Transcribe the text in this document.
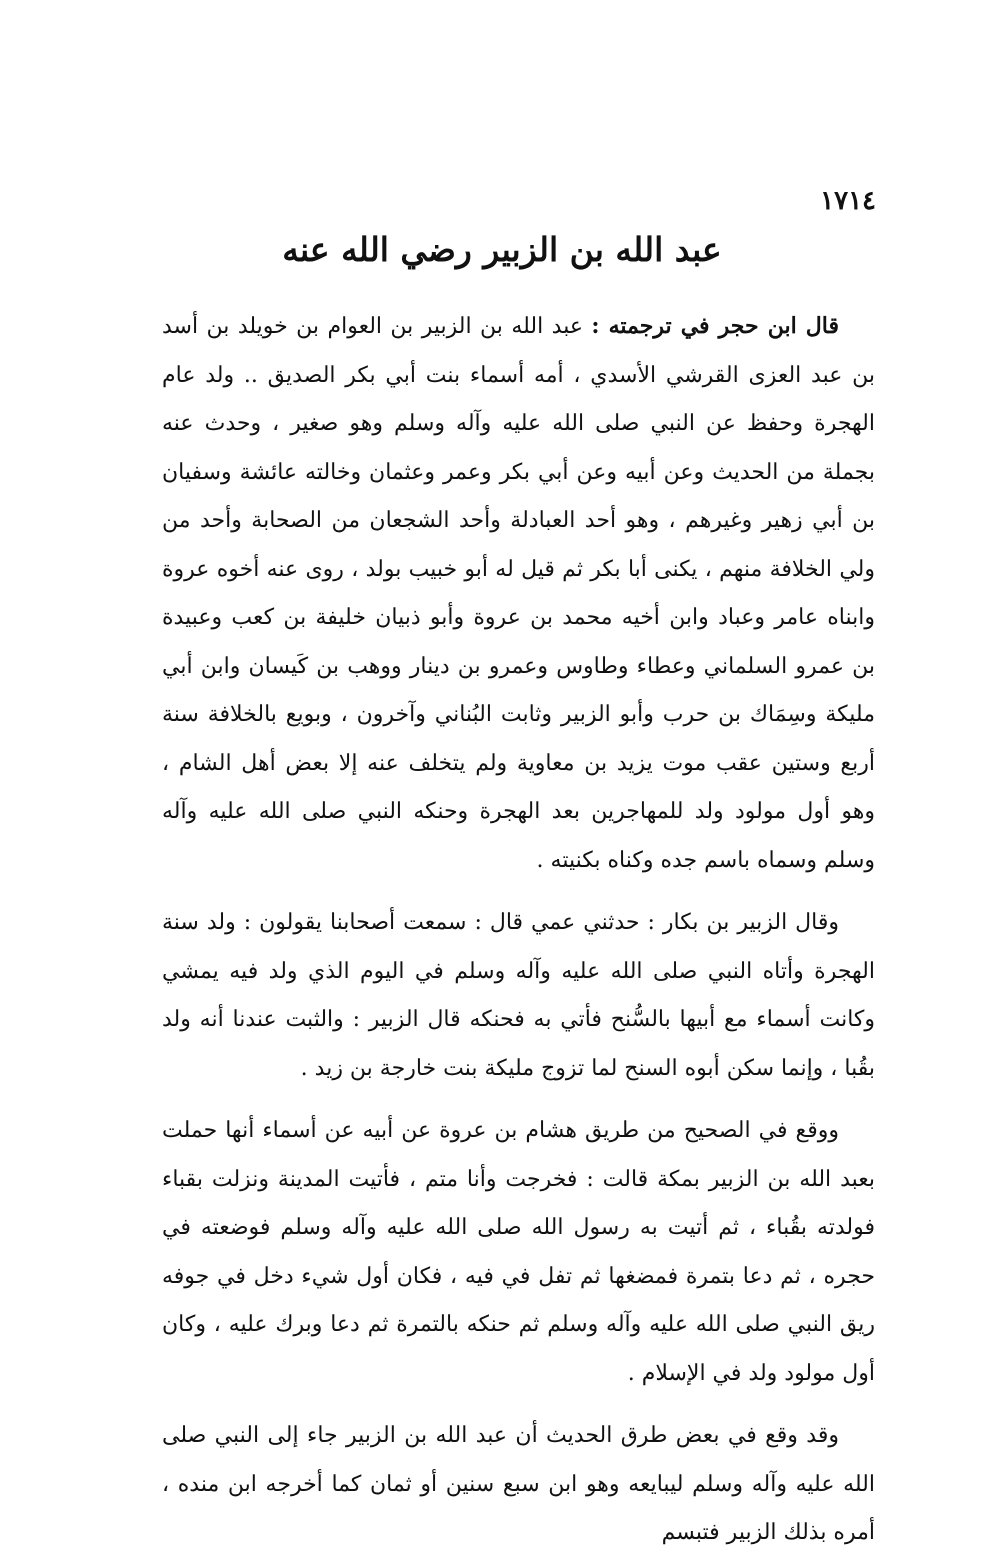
١٧١٤
عبد الله بن الزبير رضي الله عنه

قال ابن حجر في ترجمته : عبد الله بن الزبير بن العوام بن خويلد بن أسد بن عبد العزى القرشي الأسدي ، أمه أسماء بنت أبي بكر الصديق .. ولد عام الهجرة وحفظ عن النبي صلى الله عليه وآله وسلم وهو صغير ، وحدث عنه بجملة من الحديث وعن أبيه وعن أبي بكر وعمر وعثمان وخالته عائشة وسفيان بن أبي زهير وغيرهم ، وهو أحد العبادلة وأحد الشجعان من الصحابة وأحد من ولي الخلافة منهم ، يكنى أبا بكر ثم قيل له أبو خبيب بولد ، روى عنه أخوه عروة وابناه عامر وعباد وابن أخيه محمد بن عروة وأبو ذبيان خليفة بن كعب وعبيدة بن عمرو السلماني وعطاء وطاوس وعمرو بن دينار ووهب بن كَيسان وابن أبي مليكة وسِمَاك بن حرب وأبو الزبير وثابت البُناني وآخرون ، وبويع بالخلافة سنة أربع وستين عقب موت يزيد بن معاوية ولم يتخلف عنه إلا بعض أهل الشام ، وهو أول مولود ولد للمهاجرين بعد الهجرة وحنكه النبي صلى الله عليه وآله وسلم وسماه باسم جده وكناه بكنيته .

وقال الزبير بن بكار : حدثني عمي قال : سمعت أصحابنا يقولون : ولد سنة الهجرة وأتاه النبي صلى الله عليه وآله وسلم في اليوم الذي ولد فيه يمشي وكانت أسماء مع أبيها بالسُّنح فأتي به فحنكه قال الزبير : والثبت عندنا أنه ولد بقُبا ، وإنما سكن أبوه السنح لما تزوج مليكة بنت خارجة بن زيد .

ووقع في الصحيح من طريق هشام بن عروة عن أبيه عن أسماء أنها حملت بعبد الله بن الزبير بمكة قالت : فخرجت وأنا متم ، فأتيت المدينة ونزلت بقباء فولدته بقُباء ، ثم أتيت به رسول الله صلى الله عليه وآله وسلم فوضعته في حجره ، ثم دعا بتمرة فمضغها ثم تفل في فيه ، فكان أول شيء دخل في جوفه ريق النبي صلى الله عليه وآله وسلم ثم حنكه بالتمرة ثم دعا وبرك عليه ، وكان أول مولود ولد في الإسلام .

وقد وقع في بعض طرق الحديث أن عبد الله بن الزبير جاء إلى النبي صلى الله عليه وآله وسلم ليبايعه وهو ابن سبع سنين أو ثمان كما أخرجه ابن منده ، أمره بذلك الزبير فتبسم
